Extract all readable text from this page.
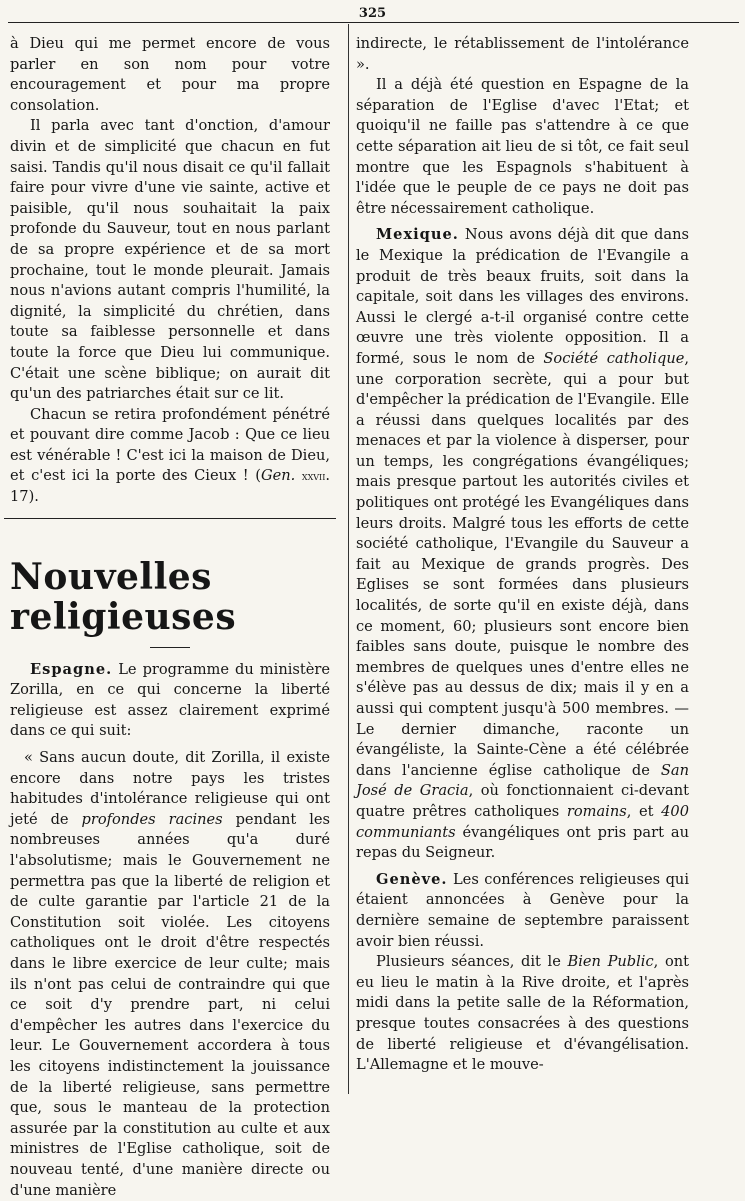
325

à Dieu qui me permet encore de vous parler en son nom pour votre encouragement et pour ma propre consolation.

Il parla avec tant d'onction, d'amour divin et de simplicité que chacun en fut saisi. Tandis qu'il nous disait ce qu'il fallait faire pour vivre d'une vie sainte, active et paisible, qu'il nous souhaitait la paix profonde du Sauveur, tout en nous parlant de sa propre expérience et de sa mort prochaine, tout le monde pleurait. Jamais nous n'avions autant compris l'humilité, la dignité, la simplicité du chrétien, dans toute sa faiblesse personnelle et dans toute la force que Dieu lui communique. C'était une scène biblique; on aurait dit qu'un des patriarches était sur ce lit.

Chacun se retira profondément pénétré et pouvant dire comme Jacob : Que ce lieu est vénérable ! C'est ici la maison de Dieu, et c'est ici la porte des Cieux ! (Gen. xxvii. 17).

Nouvelles religieuses

Espagne. Le programme du ministère Zorilla, en ce qui concerne la liberté religieuse est assez clairement exprimé dans ce qui suit:

« Sans aucun doute, dit Zorilla, il existe encore dans notre pays les tristes habitudes d'intolérance religieuse qui ont jeté de profondes racines pendant les nombreuses années qu'a duré l'absolutisme; mais le Gouvernement ne permettra pas que la liberté de religion et de culte garantie par l'article 21 de la Constitution soit violée. Les citoyens catholiques ont le droit d'être respectés dans le libre exercice de leur culte; mais ils n'ont pas celui de contraindre qui que ce soit d'y prendre part, ni celui d'empêcher les autres dans l'exercice du leur. Le Gouvernement accordera à tous les citoyens indistinctement la jouissance de la liberté religieuse, sans permettre que, sous le manteau de la protection assurée par la constitution au culte et aux ministres de l'Eglise catholique, soit de nouveau tenté, d'une manière directe ou d'une manière

indirecte, le rétablissement de l'intolérance ».

Il a déjà été question en Espagne de la séparation de l'Eglise d'avec l'Etat; et quoiqu'il ne faille pas s'attendre à ce que cette séparation ait lieu de si tôt, ce fait seul montre que les Espagnols s'habituent à l'idée que le peuple de ce pays ne doit pas être nécessairement catholique.

Mexique. Nous avons déjà dit que dans le Mexique la prédication de l'Evangile a produit de très beaux fruits, soit dans la capitale, soit dans les villages des environs. Aussi le clergé a-t-il organisé contre cette œuvre une très violente opposition. Il a formé, sous le nom de Société catholique, une corporation secrète, qui a pour but d'empêcher la prédication de l'Evangile. Elle a réussi dans quelques localités par des menaces et par la violence à disperser, pour un temps, les congrégations évangéliques; mais presque partout les autorités civiles et politiques ont protégé les Evangéliques dans leurs droits. Malgré tous les efforts de cette société catholique, l'Evangile du Sauveur a fait au Mexique de grands progrès. Des Eglises se sont formées dans plusieurs localités, de sorte qu'il en existe déjà, dans ce moment, 60; plusieurs sont encore bien faibles sans doute, puisque le nombre des membres de quelques unes d'entre elles ne s'élève pas au dessus de dix; mais il y en a aussi qui comptent jusqu'à 500 membres. — Le dernier dimanche, raconte un évangéliste, la Sainte-Cène a été célébrée dans l'ancienne église catholique de San José de Gracia, où fonctionnaient ci-devant quatre prêtres catholiques romains, et 400 communiants évangéliques ont pris part au repas du Seigneur.

Genève. Les conférences religieuses qui étaient annoncées à Genève pour la dernière semaine de septembre paraissent avoir bien réussi.

Plusieurs séances, dit le Bien Public, ont eu lieu le matin à la Rive droite, et l'après midi dans la petite salle de la Réformation, presque toutes consacrées à des questions de liberté religieuse et d'évangélisation. L'Allemagne et le mouve-
